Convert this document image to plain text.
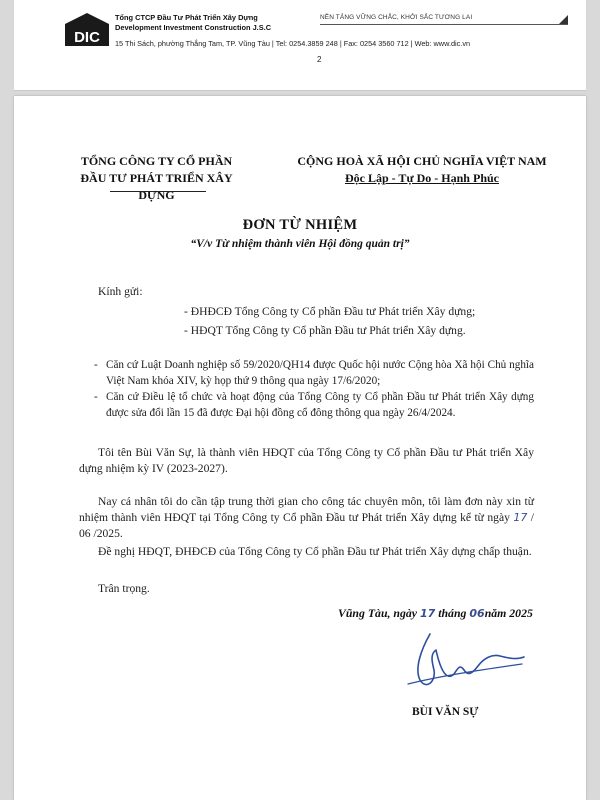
DIC
Tổng CTCP Đầu Tư Phát Triển Xây Dựng
Development Investment Construction J.S.C
15 Thi Sách, phường Thắng Tam, TP. Vũng Tàu | Tel: 0254.3859 248 | Fax: 0254 3560 712 | Web: www.dic.vn
NỀN TẢNG VỮNG CHẮC, KHỞI SẮC TƯƠNG LAI
2
TỔNG CÔNG TY CỔ PHẦN
ĐẦU TƯ PHÁT TRIỂN XÂY DỰNG
CỘNG HOÀ XÃ HỘI CHỦ NGHĨA VIỆT NAM
Độc Lập - Tự Do - Hạnh Phúc
ĐƠN TỪ NHIỆM
“V/v Từ nhiệm thành viên Hội đồng quản trị”
Kính gửi:
- ĐHĐCĐ Tổng Công ty Cổ phần Đầu tư Phát triển Xây dựng;
- HĐQT Tổng Công ty Cổ phần Đầu tư Phát triển Xây dựng.
- Căn cứ Luật Doanh nghiệp số 59/2020/QH14 được Quốc hội nước Cộng hòa Xã hội Chủ nghĩa Việt Nam khóa XIV, kỳ họp thứ 9 thông qua ngày 17/6/2020;
- Căn cứ Điều lệ tổ chức và hoạt động của Tổng Công ty Cổ phần Đầu tư Phát triển Xây dựng được sửa đổi lần 15 đã được Đại hội đồng cổ đông thông qua ngày 26/4/2024.
Tôi tên Bùi Văn Sự, là thành viên HĐQT của Tổng Công ty Cổ phần Đầu tư Phát triển Xây dựng nhiệm kỳ IV (2023-2027).
Nay cá nhân tôi do cần tập trung thời gian cho công tác chuyên môn, tôi làm đơn này xin từ nhiệm thành viên HĐQT tại Tổng Công ty Cổ phần Đầu tư Phát triển Xây dựng kể từ ngày 17 / 06 /2025.
Đề nghị HĐQT, ĐHĐCĐ của Tổng Công ty Cổ phần Đầu tư Phát triển Xây dựng chấp thuận.
Trân trọng.
Vũng Tàu, ngày 17 tháng 06năm 2025
BÙI VĂN SỰ
